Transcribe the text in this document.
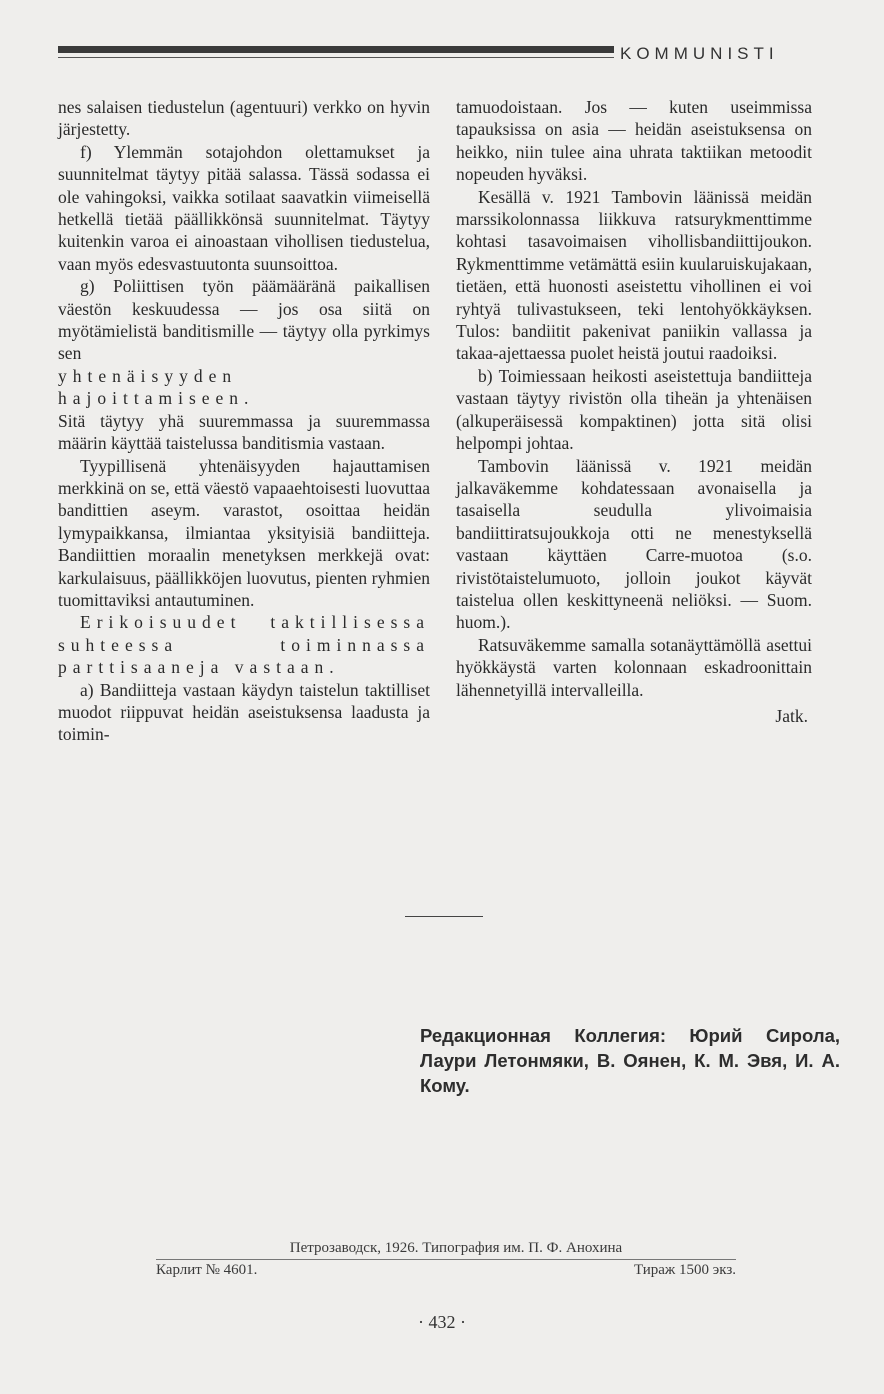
KOMMUNISTI

nes salaisen tiedustelun (agentuuri) verkko on hyvin järjestetty.

f) Ylemmän sotajohdon olettamukset ja suunnitelmat täytyy pitää salassa. Tässä sodassa ei ole vahingoksi, vaikka sotilaat saavatkin viimeisellä hetkellä tietää päällikkönsä suunnitelmat. Täytyy kuitenkin varoa ei ainoastaan vihollisen tiedustelua, vaan myös edesvastuutonta suunsoittoa.

g) Poliittisen työn päämääränä paikallisen väestön keskuudessa — jos osa siitä on myötämielistä banditismille — täytyy olla pyrkimys sen

yhtenäisyyden hajoittamiseen.

Sitä täytyy yhä suuremmassa ja suuremmassa määrin käyttää taistelussa banditismia vastaan.

Tyypillisenä yhtenäisyyden hajauttamisen merkkinä on se, että väestö vapaaehtoisesti luovuttaa bandittien aseym. varastot, osoittaa heidän lymypaikkansa, ilmiantaa yksityisiä bandiitteja. Bandiittien moraalin menetyksen merkkejä ovat: karkulaisuus, päällikköjen luovutus, pienten ryhmien tuomittaviksi antautuminen.

Erikoisuudet taktillisessa suhteessa toiminnassa parttisaaneja vastaan.

a) Bandiitteja vastaan käydyn taistelun taktilliset muodot riippuvat heidän aseistuksensa laadusta ja toimin-

tamuodoistaan. Jos — kuten useimmissa tapauksissa on asia — heidän aseistuksensa on heikko, niin tulee aina uhrata taktiikan metoodit nopeuden hyväksi.

Kesällä v. 1921 Tambovin läänissä meidän marssikolonnassa liikkuva ratsurykmenttimme kohtasi tasavoimaisen vihollisbandiittijoukon. Rykmenttimme vetämättä esiin kuularuiskujakaan, tietäen, että huonosti aseistettu vihollinen ei voi ryhtyä tulivastukseen, teki lentohyökkäyksen. Tulos: bandiitit pakenivat paniikin vallassa ja takaa-ajettaessa puolet heistä joutui raadoiksi.

b) Toimiessaan heikosti aseistettuja bandiitteja vastaan täytyy rivistön olla tiheän ja yhtenäisen (alkuperäisessä kompaktinen) jotta sitä olisi helpompi johtaa.

Tambovin läänissä v. 1921 meidän jalkaväkemme kohdatessaan avonaisella ja tasaisella seudulla ylivoimaisia bandiittiratsujoukkoja otti ne menestyksellä vastaan käyttäen Carre-muotoa (s.o. rivistötaistelumuoto, jolloin joukot käyvät taistelua ollen keskittyneenä neliöksi. — Suom. huom.).

Ratsuväkemme samalla sotanäyttämöllä asettui hyökkäystä varten kolonnaan eskadroonittain lähennetyillä intervalleilla.

Jatk.

Редакционная Коллегия: Юрий Сирола, Лаури Летонмяки, В. Оянен, К. М. Эвя, И. А. Кому.
Петрозаводск, 1926. Типография им. П. Ф. Анохина
Карлит № 4601.	Тираж 1500 экз.
· 432 ·
